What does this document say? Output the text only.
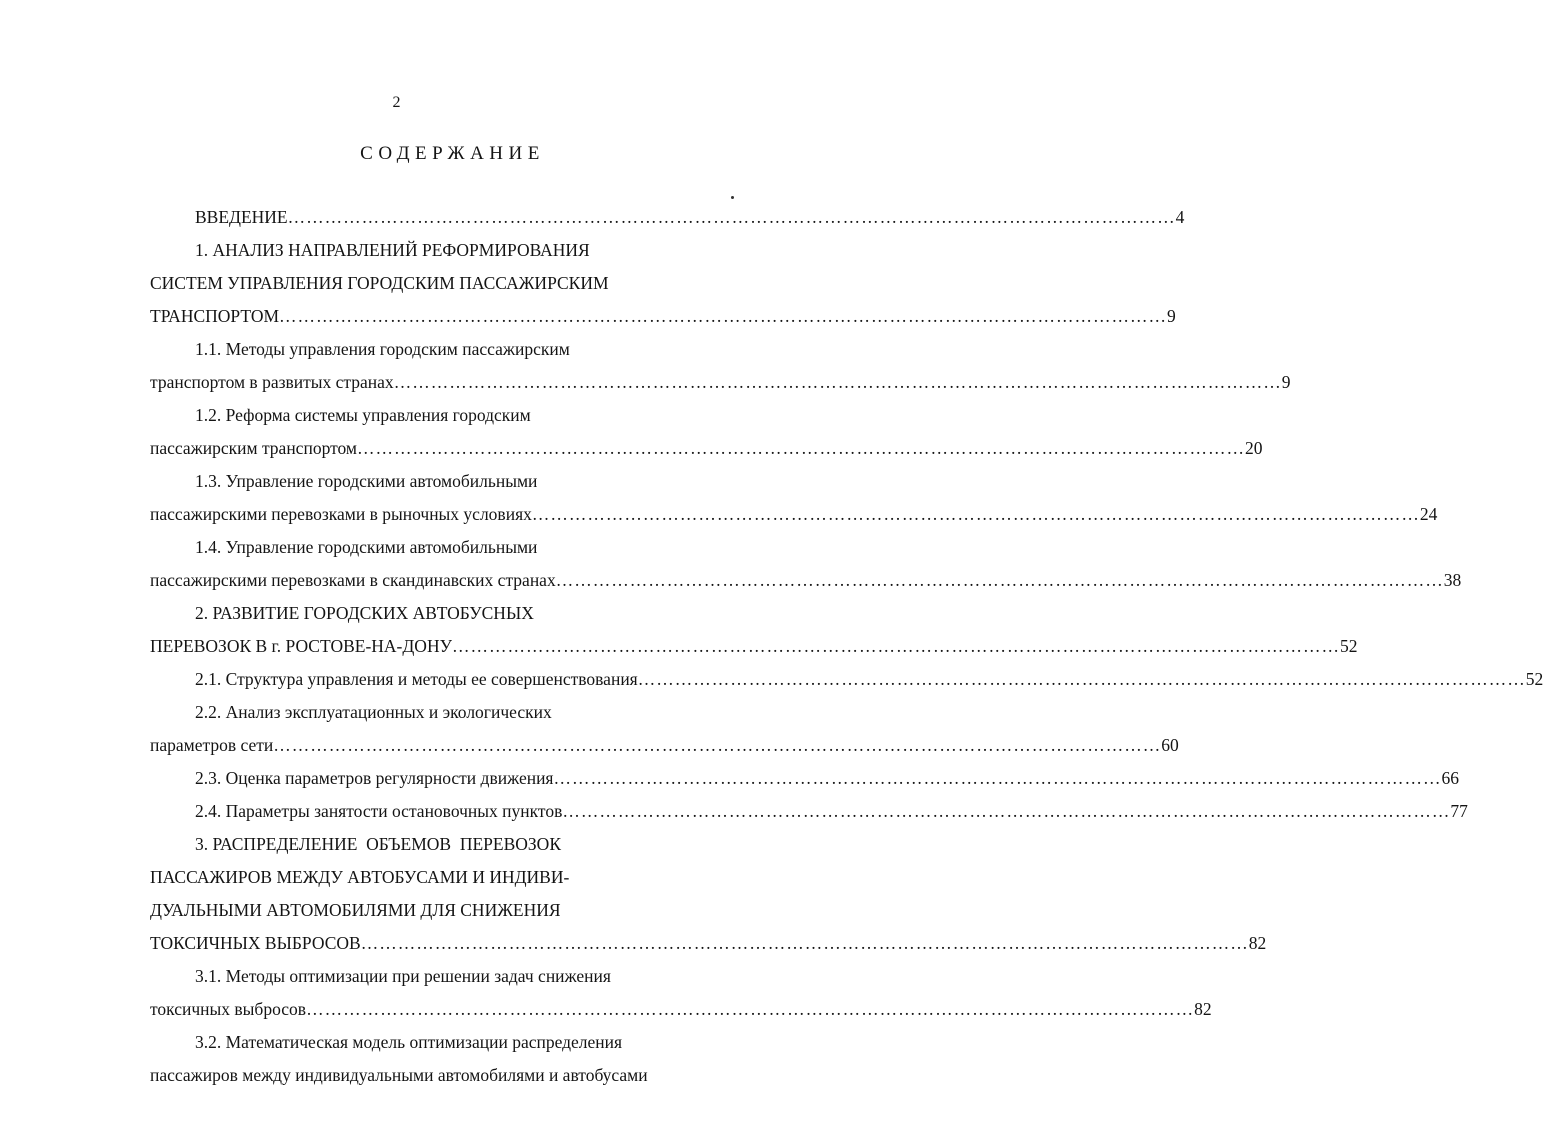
2
СОДЕРЖАНИЕ
ВВЕДЕНИЕ ……………………………………………………………………………………………………………………………… 4
1. АНАЛИЗ НАПРАВЛЕНИЙ РЕФОРМИРОВАНИЯ
СИСТЕМ УПРАВЛЕНИЯ ГОРОДСКИМ ПАССАЖИРСКИМ
ТРАНСПОРТОМ ……………………………………………………………………………………………………………………………… 9
1.1. Методы управления городским пассажирским
транспортом в развитых странах ……………………………………………………………………………………………………………………………… 9
1.2. Реформа системы управления городским
пассажирским транспортом ……………………………………………………………………………………………………………………………… 20
1.3. Управление городскими автомобильными
пассажирскими перевозками в рыночных условиях ……………………………………………………………………………………………………………………………… 24
1.4. Управление городскими автомобильными
пассажирскими перевозками в скандинавских странах ……………………………………………………………………………………………………………………………… 38
2. РАЗВИТИЕ ГОРОДСКИХ АВТОБУСНЫХ
ПЕРЕВОЗОК В г. РОСТОВЕ-НА-ДОНУ ……………………………………………………………………………………………………………………………… 52
2.1. Структура управления и методы ее совершенствования ……………………………………………………………………………………………………………………………… 52
2.2. Анализ эксплуатационных и экологических
параметров сети ……………………………………………………………………………………………………………………………… 60
2.3. Оценка параметров регулярности движения ……………………………………………………………………………………………………………………………… 66
2.4. Параметры занятости остановочных пунктов ……………………………………………………………………………………………………………………………… 77
3. РАСПРЕДЕЛЕНИЕ  ОБЪЕМОВ  ПЕРЕВОЗОК
ПАССАЖИРОВ МЕЖДУ АВТОБУСАМИ И ИНДИВИ-
ДУАЛЬНЫМИ АВТОМОБИЛЯМИ ДЛЯ СНИЖЕНИЯ
ТОКСИЧНЫХ ВЫБРОСОВ ……………………………………………………………………………………………………………………………… 82
3.1. Методы оптимизации при решении задач снижения
токсичных выбросов ……………………………………………………………………………………………………………………………… 82
3.2. Математическая модель оптимизации распределения
пассажиров между индивидуальными автомобилями и автобусами
